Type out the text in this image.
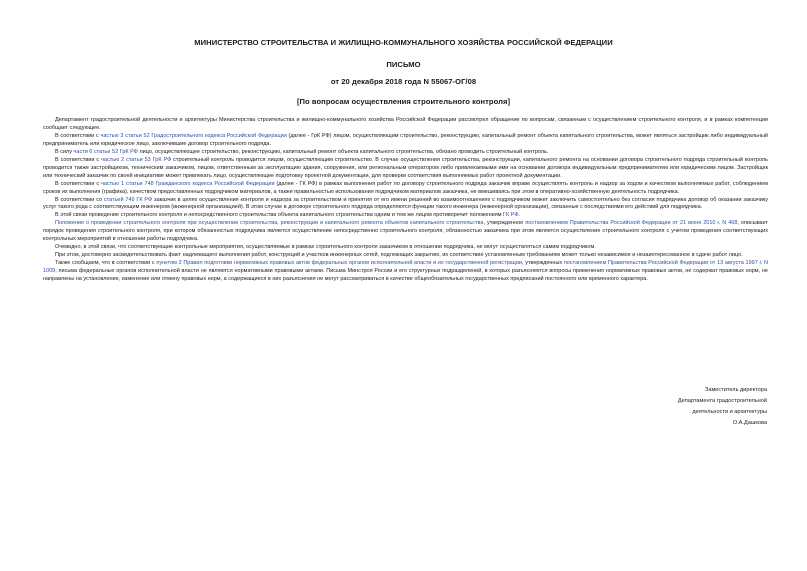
МИНИСТЕРСТВО СТРОИТЕЛЬСТВА И ЖИЛИЩНО-КОММУНАЛЬНОГО ХОЗЯЙСТВА РОССИЙСКОЙ ФЕДЕРАЦИИ
ПИСЬМО
от 20 декабря 2018 года N 55067-ОГ/08
[По вопросам осуществления строительного контроля]

Департамент градостроительной деятельности и архитектуры Министерства строительства и жилищно-коммунального хозяйства Российской Федерации рассмотрел обращение по вопросам, связанным с осуществлением строительного контроля, и в рамках компетенции сообщает следующее.

В соответствии с частью 3 статьи 52 Градостроительного кодекса Российской Федерации (далее - ГрК РФ) лицом, осуществляющим строительство, реконструкцию, капитальный ремонт объекта капитального строительства, может являться застройщик либо индивидуальный предприниматель или юридическое лицо, заключившие договор строительного подряда.

В силу части 6 статьи 52 ГрК РФ лицо, осуществляющее строительство, реконструкцию, капитальный ремонт объекта капитального строительства, обязано проводить строительный контроль.

В соответствии с частью 2 статьи 53 ГрК РФ строительный контроль проводится лицом, осуществляющим строительство. В случае осуществления строительства, реконструкции, капитального ремонта на основании договора строительного подряда строительный контроль проводится также застройщиком, техническим заказчиком, лицом, ответственным за эксплуатацию здания, сооружения, или региональным оператором либо привлекаемыми ими на основании договора индивидуальным предпринимателем или юридическим лицом. Застройщик или технический заказчик по своей инициативе может привлекать лицо, осуществляющее подготовку проектной документации, для проверки соответствия выполняемых работ проектной документации.

В соответствии с частью 1 статьи 748 Гражданского кодекса Российской Федерации (далее - ГК РФ) в рамках выполнения работ по договору строительного подряда заказчик вправе осуществлять контроль и надзор за ходом и качеством выполняемых работ, соблюдением сроков их выполнения (графика), качеством предоставленных подрядчиком материалов, а также правильностью использования подрядчиком материалов заказчика, не вмешиваясь при этом в оперативно-хозяйственную деятельность подрядчика.

В соответствии со статьей 749 ГК РФ заказчик в целях осуществления контроля и надзора за строительством и принятия от его имени решений во взаимоотношениях с подрядчиком может заключить самостоятельно без согласия подрядчика договор об оказании заказчику услуг такого рода с соответствующим инженером (инженерной организацией). В этом случае в договоре строительного подряда определяются функции такого инженера (инженерной организации), связанные с последствиями его действий для подрядчика.

В этой связи проведение строительного контроля и непосредственного строительства объекта капитального строительства одним и тем же лицом противоречит положениям ГК РФ.

Положение о проведении строительного контроля при осуществлении строительства, реконструкции и капитального ремонта объектов капитального строительства, утвержденное постановлением Правительства Российской Федерации от 21 июня 2010 г. N 468, описывает порядок проведения строительного контроля, при котором обязанностью подрядчика является осуществление непосредственно строительного контроля, обязанностью заказчика при этом является осуществление строительного контроля с учетом проведения соответствующих контрольных мероприятий в отношении работы подрядчика.

Очевидно, в этой связи, что соответствующие контрольные мероприятия, осуществляемые в рамках строительного контроля заказчиком в отношении подрядчика, не могут осуществляться самим подрядчиком.

При этом, достоверно засвидетельствовать факт надлежащего выполнения работ, конструкций и участков инженерных сетей, подлежащих закрытию, их соответствие установленным требованиям может только независимое и незаинтересованное в сдаче работ лицо.

Также сообщаем, что в соответствии с пунктом 2 Правил подготовки нормативных правовых актов федеральных органов исполнительной власти и их государственной регистрации, утвержденных постановлением Правительства Российской Федерации от 13 августа 1997 г. N 1009, письма федеральных органов исполнительной власти не являются нормативными правовыми актами. Письма Минстроя России и его структурных подразделений, в которых разъясняются вопросы применения нормативных правовых актов, не содержат правовых норм, не направлены на установление, изменение или отмену правовых норм, а содержащиеся в них разъяснения не могут рассматриваться в качестве общеобязательных государственных предписаний постоянного или временного характера.

Заместитель директора
Департамента градостроительной
деятельности и архитектуры
О.А.Дашкова
